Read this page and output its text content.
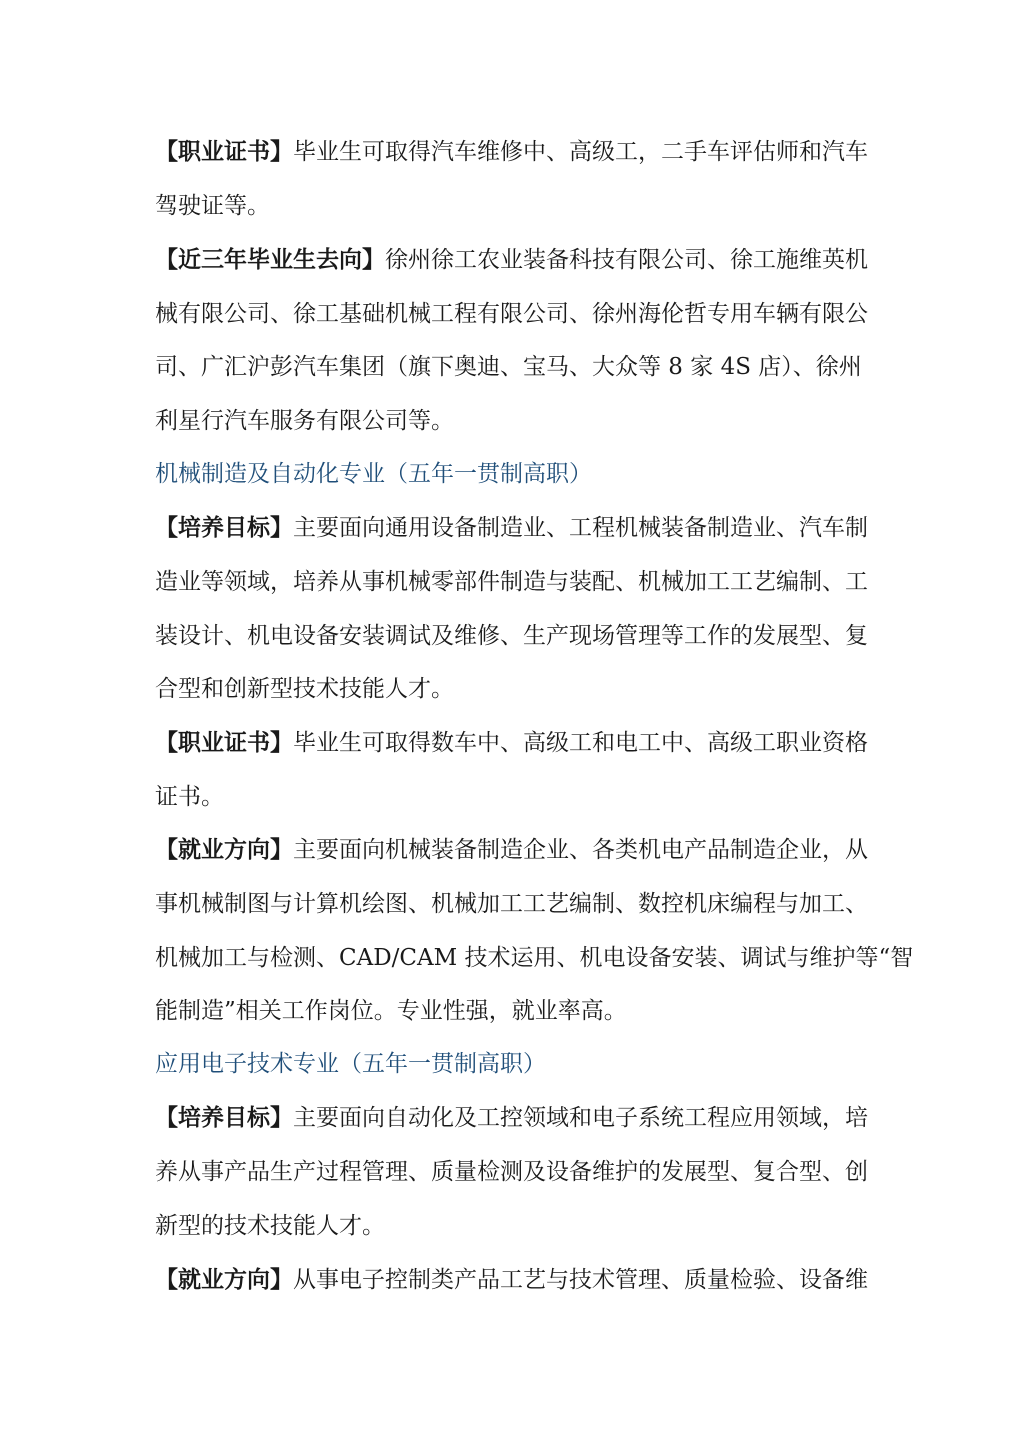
【职业证书】毕业生可取得汽车维修中、高级工，二手车评估师和汽车
驾驶证等。
【近三年毕业生去向】徐州徐工农业装备科技有限公司、徐工施维英机
械有限公司、徐工基础机械工程有限公司、徐州海伦哲专用车辆有限公
司、广汇沪彭汽车集团（旗下奥迪、宝马、大众等 8 家 4S 店）、徐州
利星行汽车服务有限公司等。
机械制造及自动化专业（五年一贯制高职）
【培养目标】主要面向通用设备制造业、工程机械装备制造业、汽车制
造业等领域，培养从事机械零部件制造与装配、机械加工工艺编制、工
装设计、机电设备安装调试及维修、生产现场管理等工作的发展型、复
合型和创新型技术技能人才。
【职业证书】毕业生可取得数车中、高级工和电工中、高级工职业资格
证书。
【就业方向】主要面向机械装备制造企业、各类机电产品制造企业，从
事机械制图与计算机绘图、机械加工工艺编制、数控机床编程与加工、
机械加工与检测、CAD/CAM 技术运用、机电设备安装、调试与维护等“智
能制造”相关工作岗位。专业性强，就业率高。
应用电子技术专业（五年一贯制高职）
【培养目标】主要面向自动化及工控领域和电子系统工程应用领域，培
养从事产品生产过程管理、质量检测及设备维护的发展型、复合型、创
新型的技术技能人才。
【就业方向】从事电子控制类产品工艺与技术管理、质量检验、设备维
